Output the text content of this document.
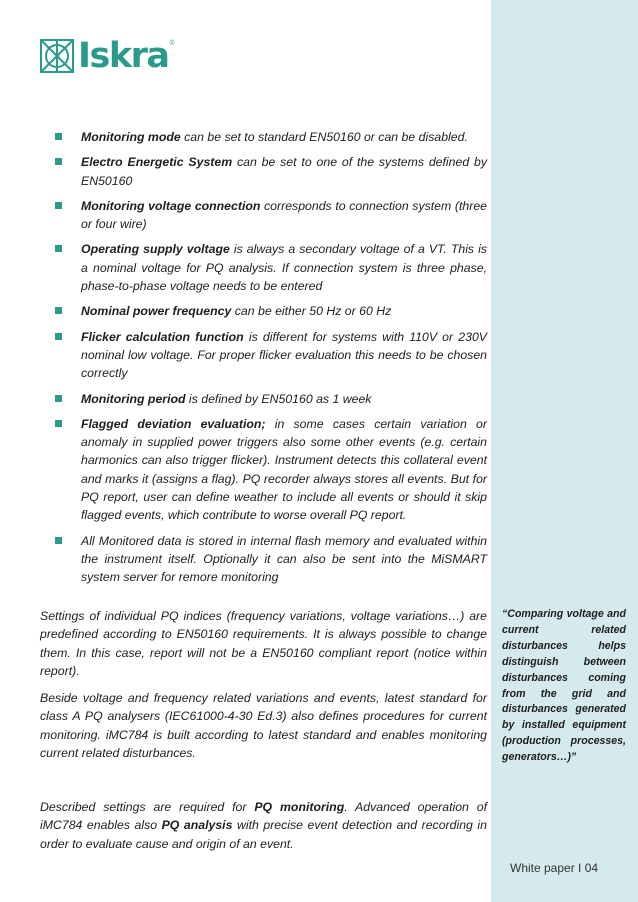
Iskra ®
Monitoring mode can be set to standard EN50160 or can be disabled.
Electro Energetic System can be set to one of the systems defined by EN50160
Monitoring voltage connection corresponds to connection system (three or four wire)
Operating supply voltage is always a secondary voltage of a VT. This is a nominal voltage for PQ analysis. If connection system is three phase, phase-to-phase voltage needs to be entered
Nominal power frequency can be either 50 Hz or 60 Hz
Flicker calculation function is different for systems with 110V or 230V nominal low voltage. For proper flicker evaluation this needs to be chosen correctly
Monitoring period is defined by EN50160 as 1 week
Flagged deviation evaluation; in some cases certain variation or anomaly in supplied power triggers also some other events (e.g. certain harmonics can also trigger flicker). Instrument detects this collateral event and marks it (assigns a flag). PQ recorder always stores all events. But for PQ report, user can define weather to include all events or should it skip flagged events, which contribute to worse overall PQ report.
All Monitored data is stored in internal flash memory and evaluated within the instrument itself. Optionally it can also be sent into the MiSMART system server for remore monitoring

Settings of individual PQ indices (frequency variations, voltage variations…) are predefined according to EN50160 requirements. It is always possible to change them. In this case, report will not be a EN50160 compliant report (notice within report).

Beside voltage and frequency related variations and events, latest standard for class A PQ analysers (IEC61000-4-30 Ed.3) also defines procedures for current monitoring. iMC784 is built according to latest standard and enables monitoring current related disturbances.

Described settings are required for PQ monitoring. Advanced operation of iMC784 enables also PQ analysis with precise event detection and recording in order to evaluate cause and origin of an event.

“Comparing voltage and current related disturbances helps distinguish between disturbances coming from the grid and disturbances generated by installed equipment (production processes, generators…)”

White paper I 04
